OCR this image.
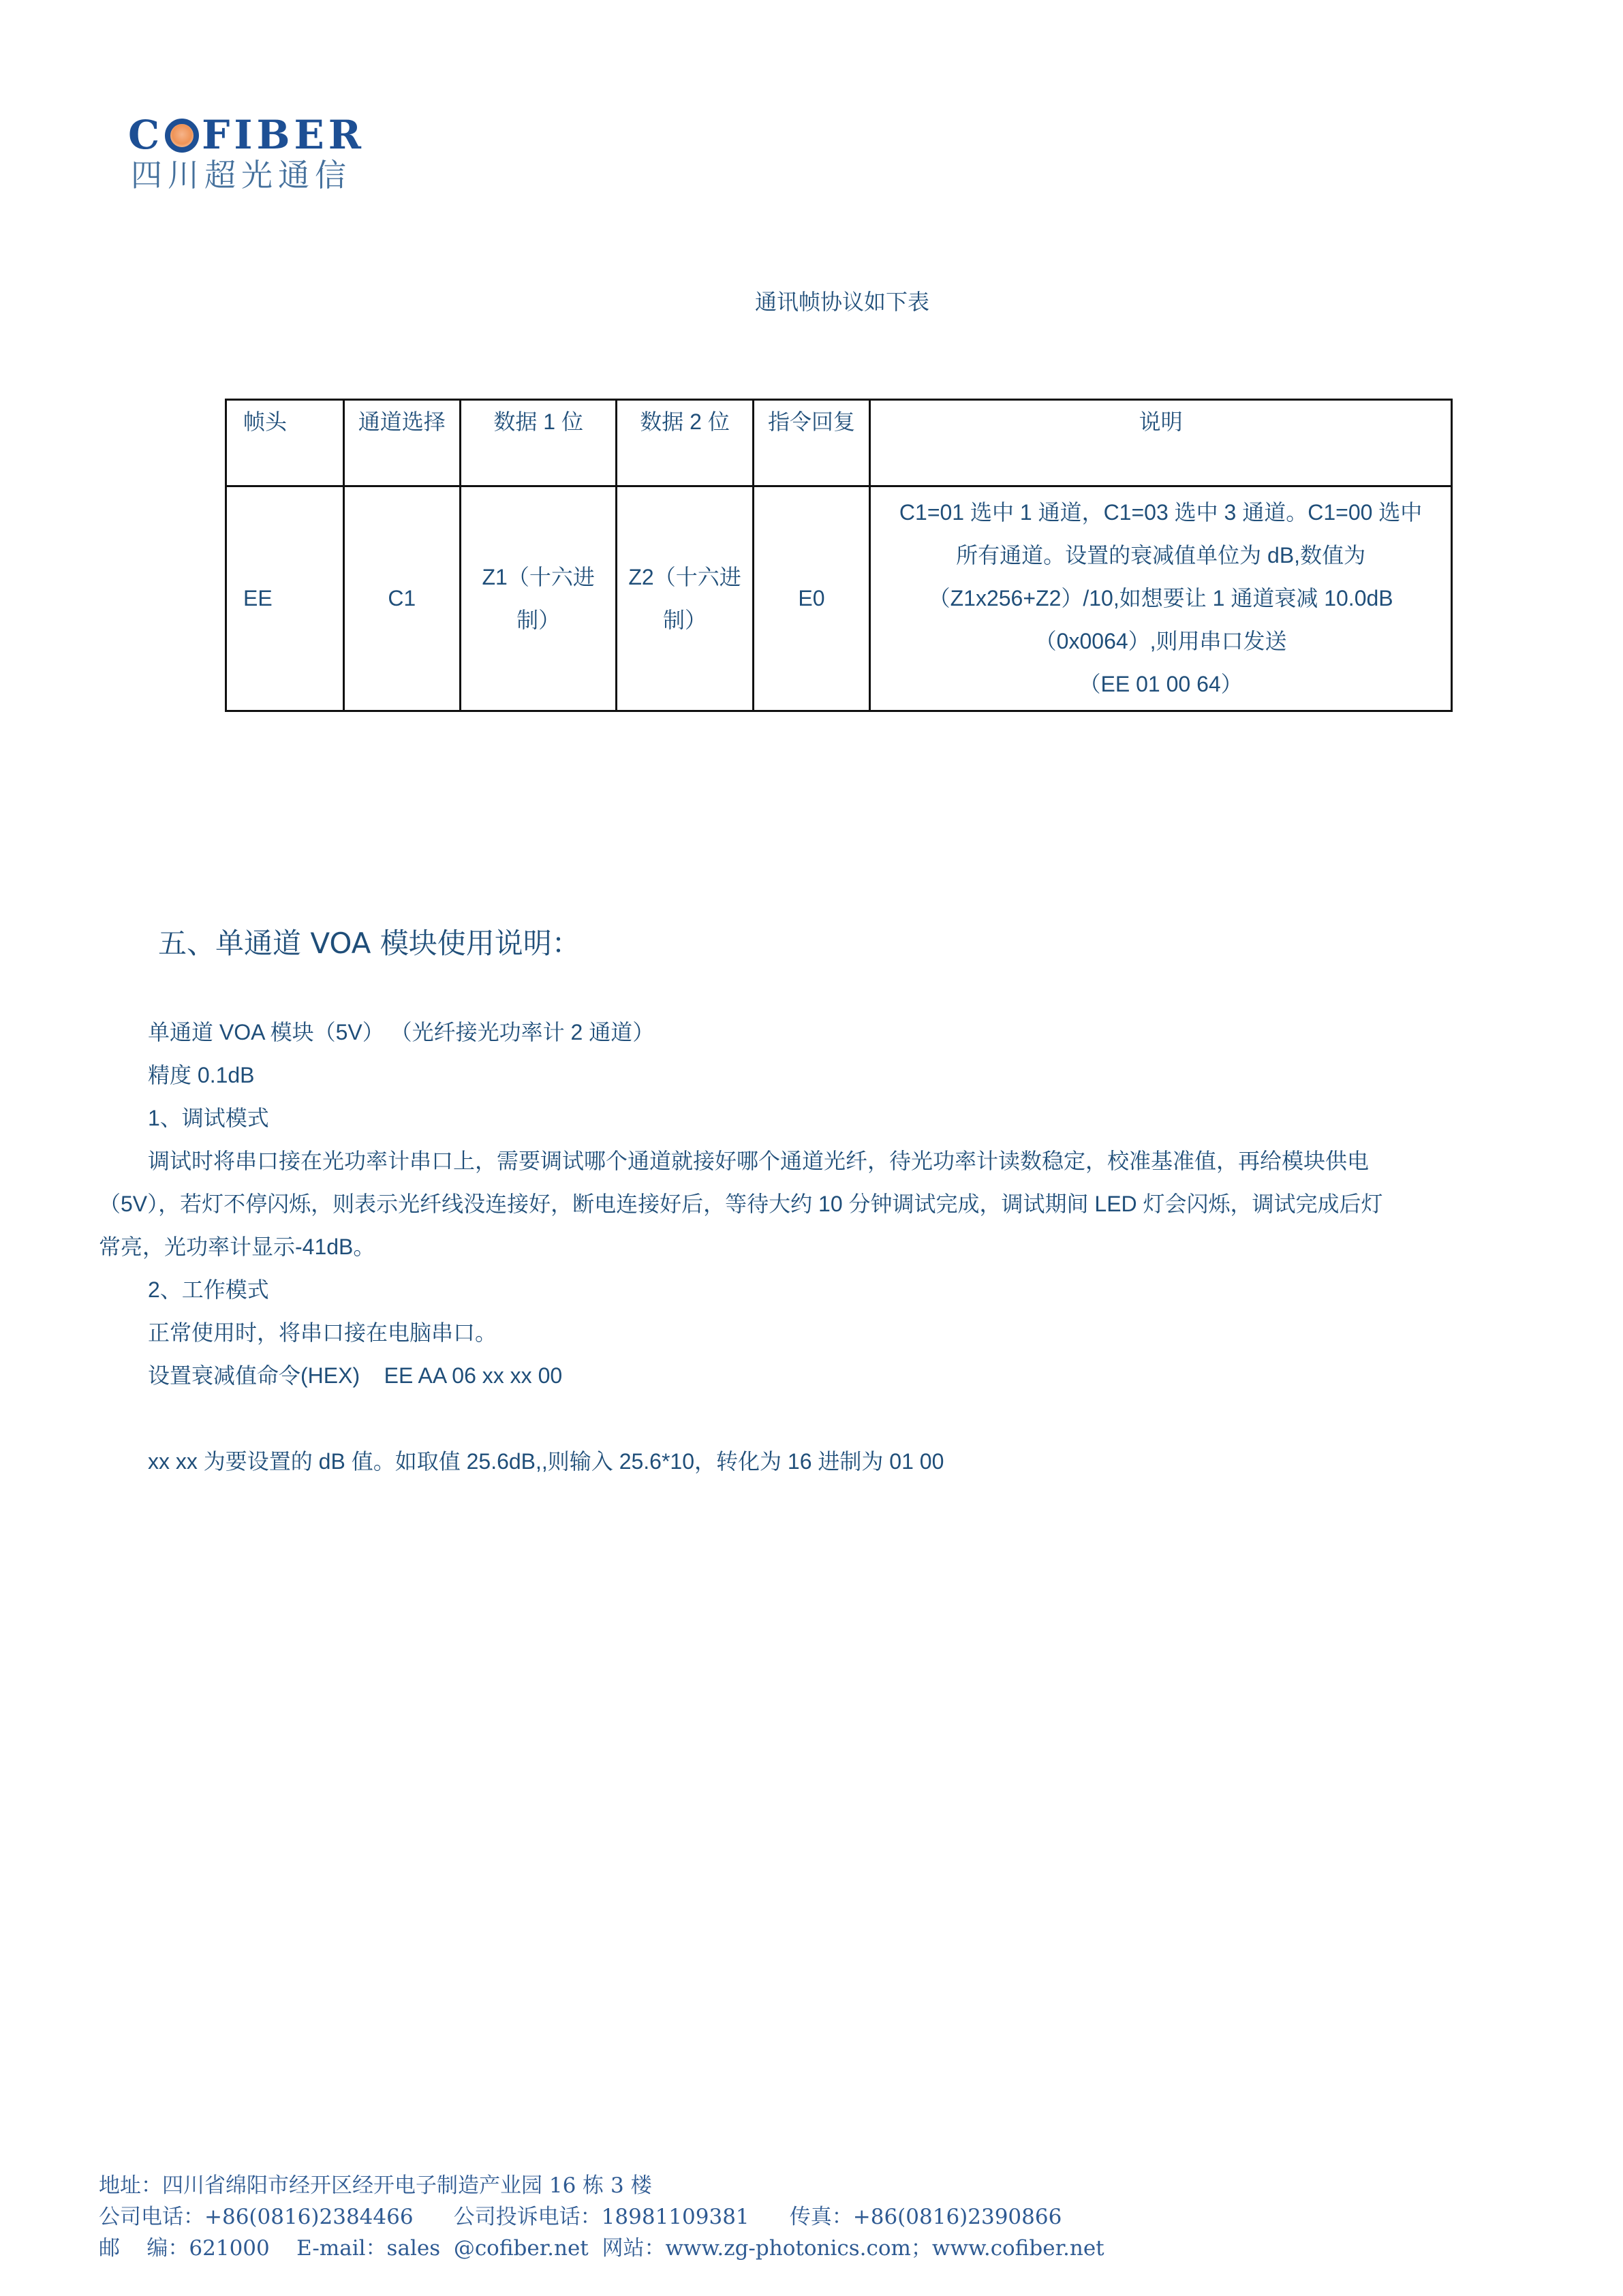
C FIBER
四川超光通信
通讯帧协议如下表
帧头	通道选择	数据 1 位	数据 2 位	指令回复	说明
EE	C1	Z1（十六进制）	Z2（十六进制）	E0	C1=01 选中 1 通道，C1=03 选中 3 通道。C1=00 选中
所有通道。设置的衰减值单位为 dB,数值为
（Z1x256+Z2）/10,如想要让 1 通道衰减 10.0dB
（0x0064）,则用串口发送
（EE 01 00 64）
五、单通道 VOA 模块使用说明：
单通道 VOA 模块（5V） （光纤接光功率计 2 通道）
精度 0.1dB
1、调试模式
调试时将串口接在光功率计串口上，需要调试哪个通道就接好哪个通道光纤，待光功率计读数稳定，校准基准值，再给模块供电
（5V），若灯不停闪烁，则表示光纤线没连接好，断电连接好后，等待大约 10 分钟调试完成，调试期间 LED 灯会闪烁，调试完成后灯
常亮，光功率计显示-41dB。
2、工作模式
正常使用时，将串口接在电脑串口。
设置衰减值命令(HEX)    EE AA 06 xx xx 00
xx xx 为要设置的 dB 值。如取值 25.6dB,,则输入 25.6*10，转化为 16 进制为 01 00
地址：四川省绵阳市经开区经开电子制造产业园 16 栋 3 楼
公司电话：+86(0816)2384466      公司投诉电话：18981109381      传真：+86(0816)2390866
邮    编：621000    E-mail：sales  @cofiber.net  网站：www.zg-photonics.com；www.cofiber.net
